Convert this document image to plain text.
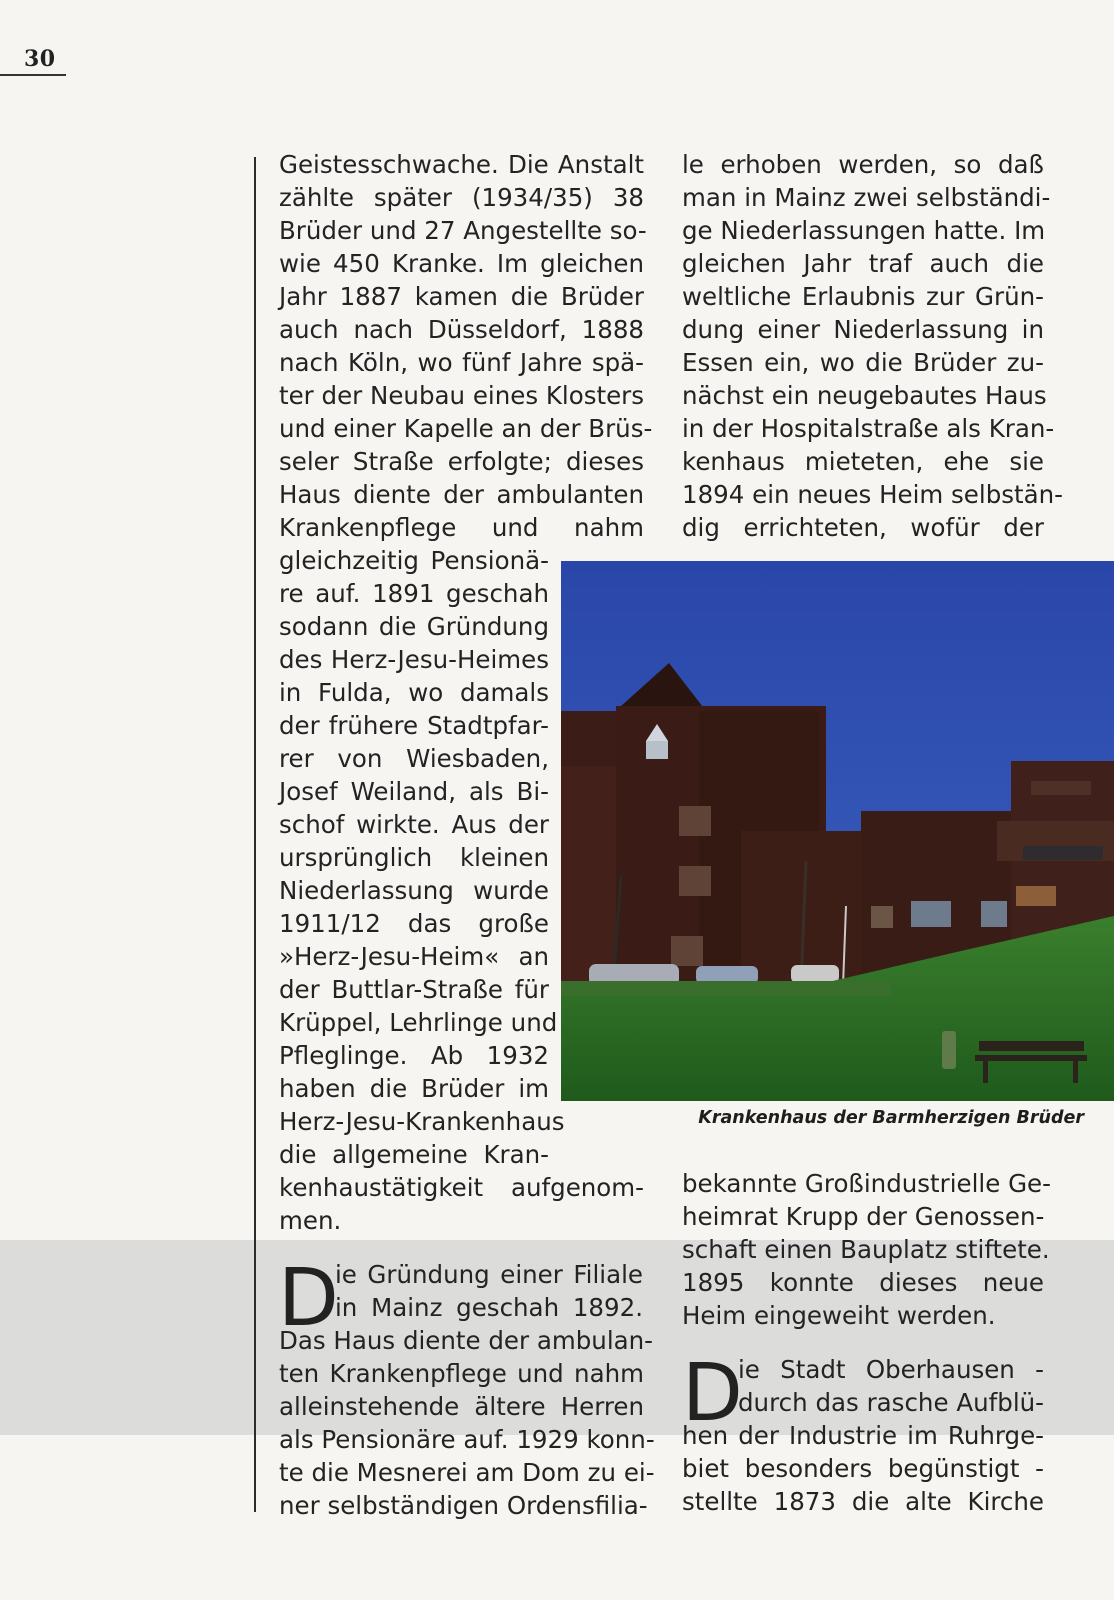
30
Geistesschwache. Die Anstalt
zählte später (1934/35) 38
Brüder und 27 Angestellte so-
wie 450 Kranke. Im gleichen
Jahr 1887 kamen die Brüder
auch nach Düsseldorf, 1888
nach Köln, wo fünf Jahre spä-
ter der Neubau eines Klosters
und einer Kapelle an der Brüs-
seler Straße erfolgte; dieses
Haus diente der ambulanten
Krankenpflege und nahm
gleichzeitig Pensionä-
re auf. 1891 geschah
sodann die Gründung
des Herz-Jesu-Heimes
in Fulda, wo damals
der frühere Stadtpfar-
rer von Wiesbaden,
Josef Weiland, als Bi-
schof wirkte. Aus der
ursprünglich kleinen
Niederlassung wurde
1911/12 das große
»Herz-Jesu-Heim« an
der Buttlar-Straße für
Krüppel, Lehrlinge und
Pfleglinge. Ab 1932
haben die Brüder im
Herz-Jesu-Krankenhaus
die allgemeine Kran-
kenhaustätigkeit aufgenom-
men.
D
ie Gründung einer Filiale
in Mainz geschah 1892.
Das Haus diente der ambulan-
ten Krankenpflege und nahm
alleinstehende ältere Herren
als Pensionäre auf. 1929 konn-
te die Mesnerei am Dom zu ei-
ner selbständigen Ordensfilia-
le erhoben werden, so daß
man in Mainz zwei selbständi-
ge Niederlassungen hatte. Im
gleichen Jahr traf auch die
weltliche Erlaubnis zur Grün-
dung einer Niederlassung in
Essen ein, wo die Brüder zu-
nächst ein neugebautes Haus
in der Hospitalstraße als Kran-
kenhaus mieteten, ehe sie
1894 ein neues Heim selbstän-
dig errichteten, wofür der
Krankenhaus der Barmherzigen Brüder
bekannte Großindustrielle Ge-
heimrat Krupp der Genossen-
schaft einen Bauplatz stiftete.
1895 konnte dieses neue
Heim eingeweiht werden.
D
ie Stadt Oberhausen -
durch das rasche Aufblü-
hen der Industrie im Ruhrge-
biet besonders begünstigt -
stellte 1873 die alte Kirche
